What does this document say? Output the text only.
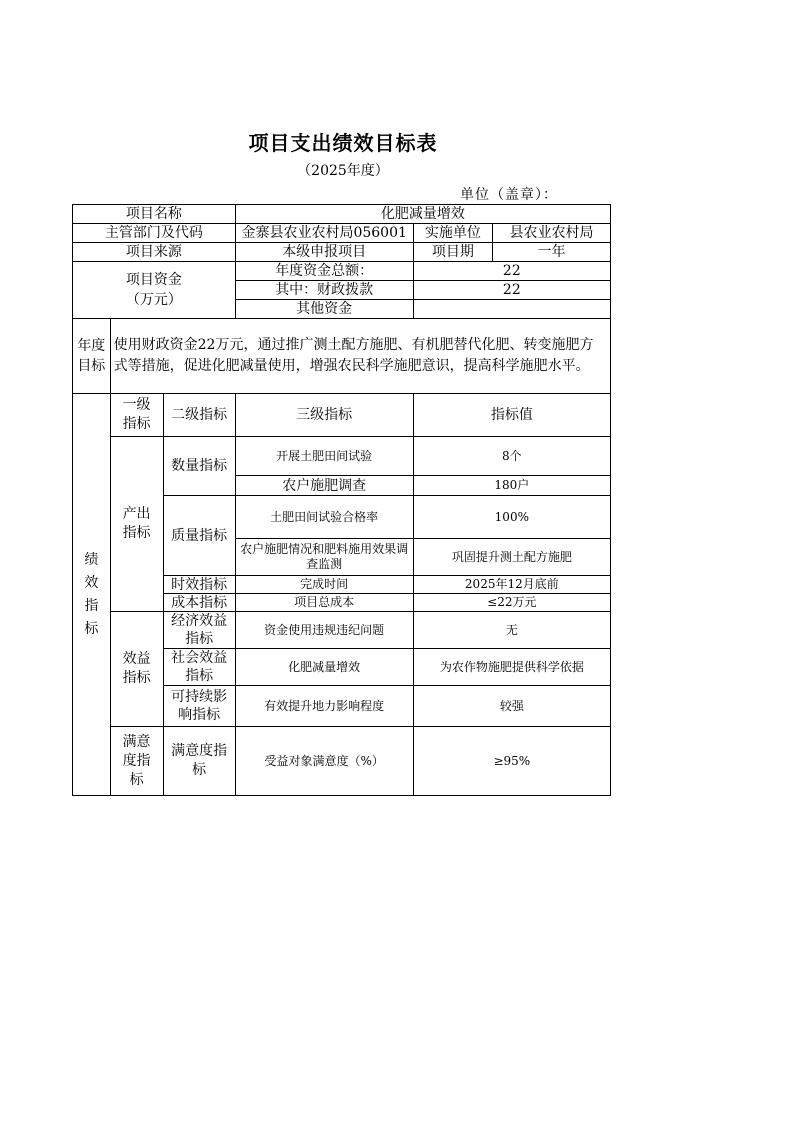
项目支出绩效目标表
（2025年度）
单位（盖章）：
项目名称			化肥减量增效		
主管部门及代码			金寨县农业农村局056001	实施单位	县农业农村局
项目来源			本级申报项目	项目期	一年

项目资金
（万元）			年度资金总额：	22	
			其中：财政拨款	22	
			其他资金		
年度目标	使用财政资金22万元，通过推广测土配方施肥、有机肥替代化肥、转变施肥方式等措施，促进化肥减量使用，增强农民科学施肥意识，提高科学施肥水平。				
绩效指标	一级指标	二级指标	三级指标	指标值	
	产出指标	数量指标	开展土肥田间试验	8个	
			农户施肥调查	180户	
		质量指标	土肥田间试验合格率	100%	
			农户施肥情况和肥料施用效果调查监测	巩固提升测土配方施肥	
		时效指标	完成时间	2025年12月底前	
		成本指标	项目总成本	≤22万元	
	效益指标	经济效益指标	资金使用违规违纪问题	无	
		社会效益指标	化肥减量增效	为农作物施肥提供科学依据	
		可持续影响指标	有效提升地力影响程度	较强	
	满意度指标	满意度指标	受益对象满意度（%）	≥95%	
